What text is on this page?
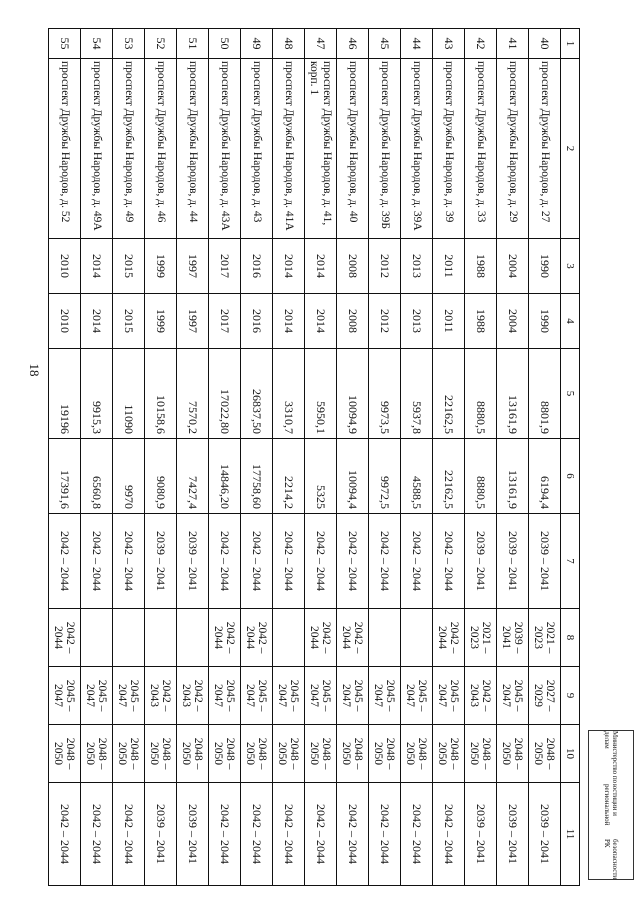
18
1	2	3	4	5	6	7	8	9	10	11
40	проспект Дружбы Народов, д. 27	1990	1990	8801,9	6194,4	2039 – 2041	2021 – 2023	2027 – 2029	2048 – 2050	2039 – 2041
41	проспект Дружбы Народов, д. 29	2004	2004	13161,9	13161,9	2039 – 2041	2039 – 2041	2045 – 2047	2048 – 2050	2039 – 2041
42	проспект Дружбы Народов, д. 33	1988	1988	8880,5	8880,5	2039 – 2041	2021 – 2023	2042 – 2043	2048 – 2050	2039 – 2041
43	проспект Дружбы Народов, д. 39	2011	2011	22162,5	22162,5	2042 – 2044	2042 – 2044	2045 – 2047	2048 – 2050	2042 – 2044
44	проспект Дружбы Народов, д. 39А	2013	2013	5937,8	4588,5	2042 – 2044		2045 – 2047	2048 – 2050	2042 – 2044
45	проспект Дружбы Народов, д. 39Б	2012	2012	9973,5	9972,5	2042 – 2044		2045 – 2047	2048 – 2050	2042 – 2044
46	проспект Дружбы Народов, д. 40	2008	2008	10094,9	10094,4	2042 – 2044	2042 – 2044	2045 – 2047	2048 – 2050	2042 – 2044
47	проспект Дружбы Народов, д. 41, корп. 1	2014	2014	5950,1	5325	2042 – 2044	2042 – 2044	2045 – 2047	2048 – 2050	2042 – 2044
48	проспект Дружбы Народов, д. 41А	2014	2014	3310,7	2214,2	2042 – 2044		2045 – 2047	2048 – 2050	2042 – 2044
49	проспект Дружбы Народов, д. 43	2016	2016	26837,50	17758,60	2042 – 2044	2042 – 2044	2045 – 2047	2048 – 2050	2042 – 2044
50	проспект Дружбы Народов, д. 43А	2017	2017	17022,80	14846,20	2042 – 2044	2042 – 2044	2045 – 2047	2048 – 2050	2042 – 2044
51	проспект Дружбы Народов, д. 44	1997	1997	7570,2	7427,4	2039 – 2041		2042 – 2043	2048 – 2050	2039 – 2041
52	проспект Дружбы Народов, д. 46	1999	1999	10158,6	9080,9	2039 – 2041		2042 – 2043	2048 – 2050	2039 – 2041
53	проспект Дружбы Народов, д. 49	2015	2015	11090	9970	2042 – 2044		2045 – 2047	2048 – 2050	2042 – 2044
54	проспект Дружбы Народов, д. 49А	2014	2014	9915,3	6560,8	2042 – 2044		2045 – 2047	2048 – 2050	2042 – 2044
55	проспект Дружбы Народов, д. 52	2010	2010	19196	17391,6	2042 – 2044	2042 – 2044	2045 – 2047	2048 – 2050	2042 – 2044
Министерство по делам
юстиции и региональной
безопасности РК
